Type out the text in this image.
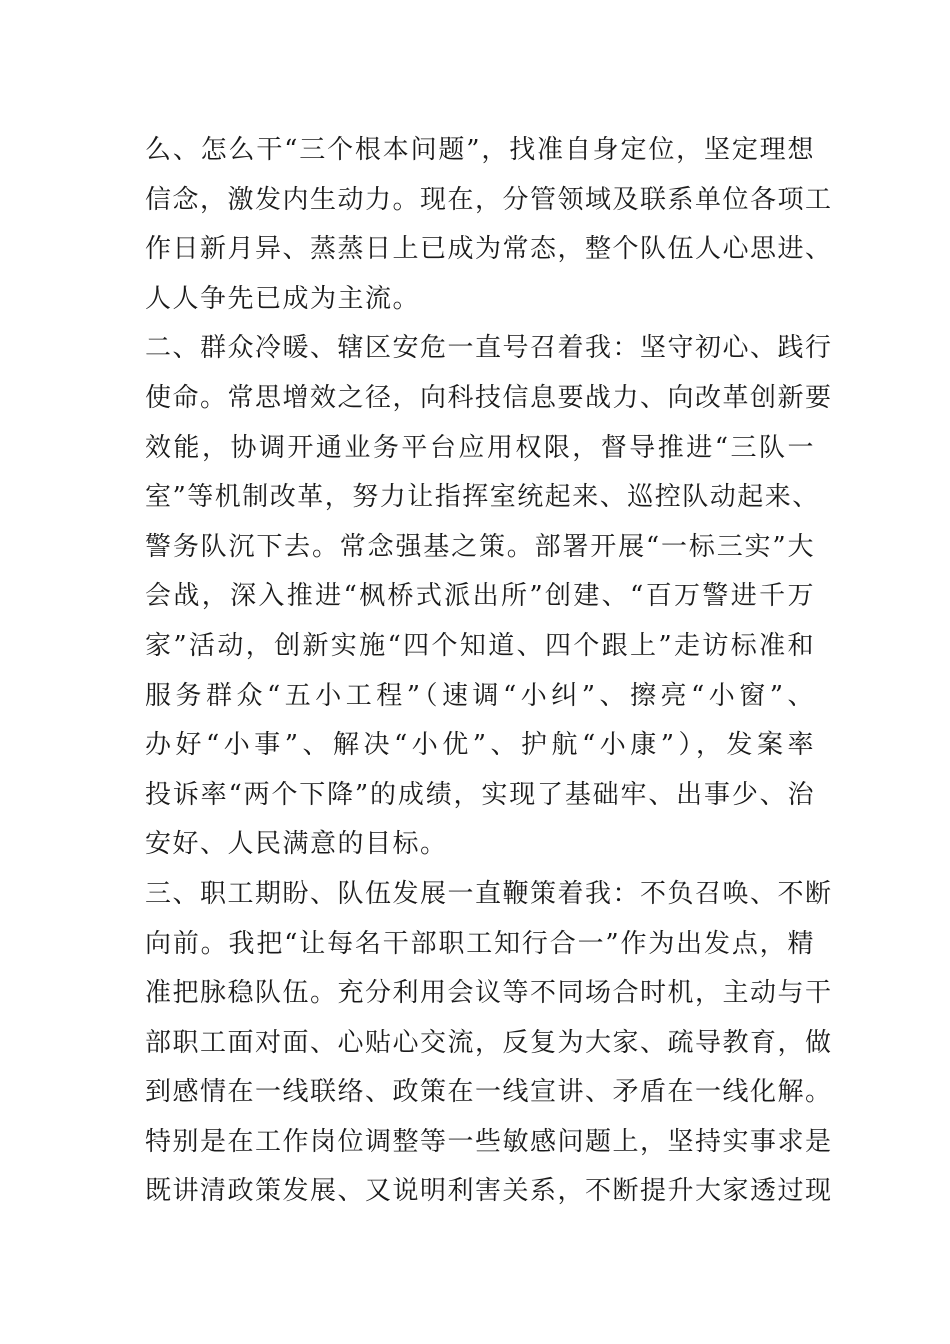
么、怎么干“三个根本问题”，找准自身定位，坚定理想
信念，激发内生动力。现在，分管领域及联系单位各项工
作日新月异、蒸蒸日上已成为常态，整个队伍人心思进、
人人争先已成为主流。
二、群众冷暖、辖区安危一直号召着我：坚守初心、践行
使命。常思增效之径，向科技信息要战力、向改革创新要
效能，协调开通业务平台应用权限，督导推进“三队一
室”等机制改革，努力让指挥室统起来、巡控队动起来、
警务队沉下去。常念强基之策。部署开展“一标三实”大
会战，深入推进“枫桥式派出所”创建、“百万警进千万
家”活动，创新实施“四个知道、四个跟上”走访标准和
服务群众“五小工程”（速调“小纠”、擦亮“小窗”、
办好“小事”、解决“小优”、护航“小康”），发案率
投诉率“两个下降”的成绩，实现了基础牢、出事少、治
安好、人民满意的目标。
三、职工期盼、队伍发展一直鞭策着我：不负召唤、不断
向前。我把“让每名干部职工知行合一”作为出发点，精
准把脉稳队伍。充分利用会议等不同场合时机，主动与干
部职工面对面、心贴心交流，反复为大家、疏导教育，做
到感情在一线联络、政策在一线宣讲、矛盾在一线化解。
特别是在工作岗位调整等一些敏感问题上，坚持实事求是
既讲清政策发展、又说明利害关系，不断提升大家透过现
